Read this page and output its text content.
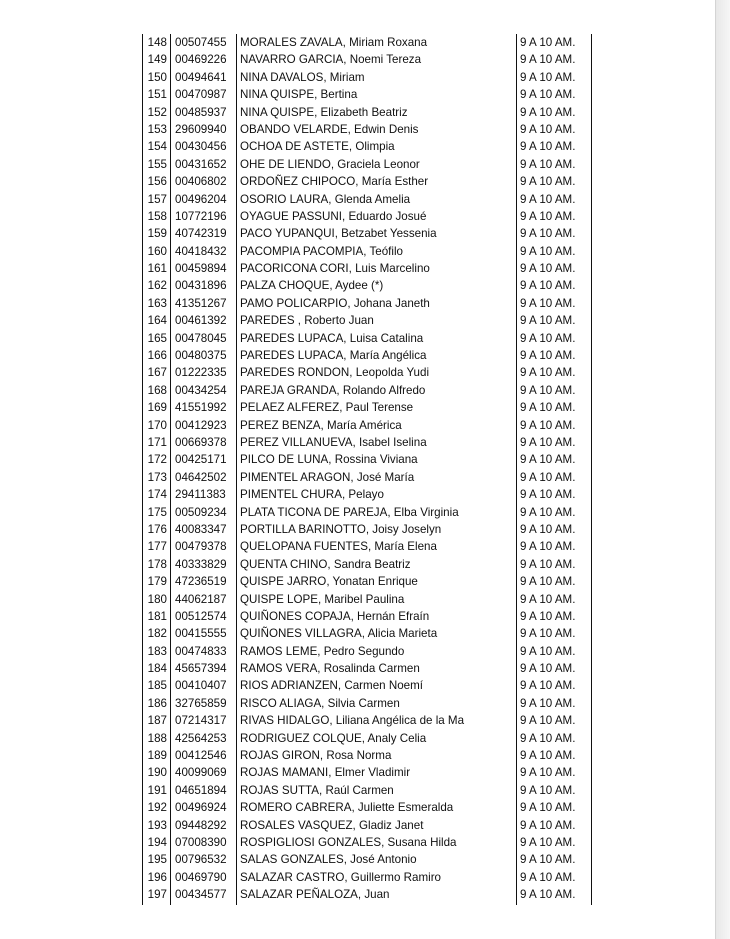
148 00507455	MORALES ZAVALA, Miriam Roxana	9 A 10 AM.
149 00469226	NAVARRO GARCIA, Noemi Tereza	9 A 10 AM.
150 00494641	NINA DAVALOS, Miriam	9 A 10 AM.
151 00470987	NINA QUISPE, Bertina	9 A 10 AM.
152 00485937	NINA QUISPE, Elizabeth Beatriz	9 A 10 AM.
153 29609940	OBANDO VELARDE, Edwin Denis	9 A 10 AM.
154 00430456	OCHOA DE ASTETE, Olimpia	9 A 10 AM.
155 00431652	OHE DE LIENDO, Graciela Leonor	9 A 10 AM.
156 00406802	ORDOÑEZ CHIPOCO, María Esther	9 A 10 AM.
157 00496204	OSORIO LAURA, Glenda Amelia	9 A 10 AM.
158 10772196	OYAGUE PASSUNI, Eduardo Josué	9 A 10 AM.
159 40742319	PACO YUPANQUI, Betzabet Yessenia	9 A 10 AM.
160 40418432	PACOMPIA PACOMPIA, Teófilo	9 A 10 AM.
161 00459894	PACORICONA CORI, Luis Marcelino	9 A 10 AM.
162 00431896	PALZA CHOQUE, Aydee (*)	9 A 10 AM.
163 41351267	PAMO POLICARPIO, Johana Janeth	9 A 10 AM.
164 00461392	PAREDES , Roberto Juan	9 A 10 AM.
165 00478045	PAREDES LUPACA, Luisa Catalina	9 A 10 AM.
166 00480375	PAREDES LUPACA, María Angélica	9 A 10 AM.
167 01222335	PAREDES RONDON, Leopolda Yudi	9 A 10 AM.
168 00434254	PAREJA GRANDA, Rolando Alfredo	9 A 10 AM.
169 41551992	PELAEZ ALFEREZ, Paul Terense	9 A 10 AM.
170 00412923	PEREZ BENZA, María América	9 A 10 AM.
171 00669378	PEREZ VILLANUEVA, Isabel Iselina	9 A 10 AM.
172 00425171	PILCO DE LUNA, Rossina Viviana	9 A 10 AM.
173 04642502	PIMENTEL ARAGON, José María	9 A 10 AM.
174 29411383	PIMENTEL CHURA, Pelayo	9 A 10 AM.
175 00509234	PLATA TICONA DE PAREJA, Elba Virginia	9 A 10 AM.
176 40083347	PORTILLA BARINOTTO, Joisy Joselyn	9 A 10 AM.
177 00479378	QUELOPANA FUENTES, María Elena	9 A 10 AM.
178 40333829	QUENTA CHINO, Sandra Beatriz	9 A 10 AM.
179 47236519	QUISPE JARRO, Yonatan Enrique	9 A 10 AM.
180 44062187	QUISPE LOPE, Maribel Paulina	9 A 10 AM.
181 00512574	QUIÑONES COPAJA, Hernán Efraín	9 A 10 AM.
182 00415555	QUIÑONES VILLAGRA, Alicia Marieta	9 A 10 AM.
183 00474833	RAMOS LEME, Pedro Segundo	9 A 10 AM.
184 45657394	RAMOS VERA, Rosalinda Carmen	9 A 10 AM.
185 00410407	RIOS ADRIANZEN, Carmen Noemí	9 A 10 AM.
186 32765859	RISCO ALIAGA, Silvia Carmen	9 A 10 AM.
187 07214317	RIVAS HIDALGO, Liliana Angélica de la Ma	9 A 10 AM.
188 42564253	RODRIGUEZ COLQUE, Analy Celia	9 A 10 AM.
189 00412546	ROJAS GIRON, Rosa Norma	9 A 10 AM.
190 40099069	ROJAS MAMANI, Elmer Vladimir	9 A 10 AM.
191 04651894	ROJAS SUTTA, Raúl Carmen	9 A 10 AM.
192 00496924	ROMERO CABRERA, Juliette Esmeralda	9 A 10 AM.
193 09448292	ROSALES VASQUEZ, Gladiz Janet	9 A 10 AM.
194 07008390	ROSPIGLIOSI GONZALES, Susana Hilda	9 A 10 AM.
195 00796532	SALAS GONZALES, José Antonio	9 A 10 AM.
196 00469790	SALAZAR CASTRO, Guillermo Ramiro	9 A 10 AM.
197 00434577	SALAZAR PEÑALOZA, Juan	9 A 10 AM.
